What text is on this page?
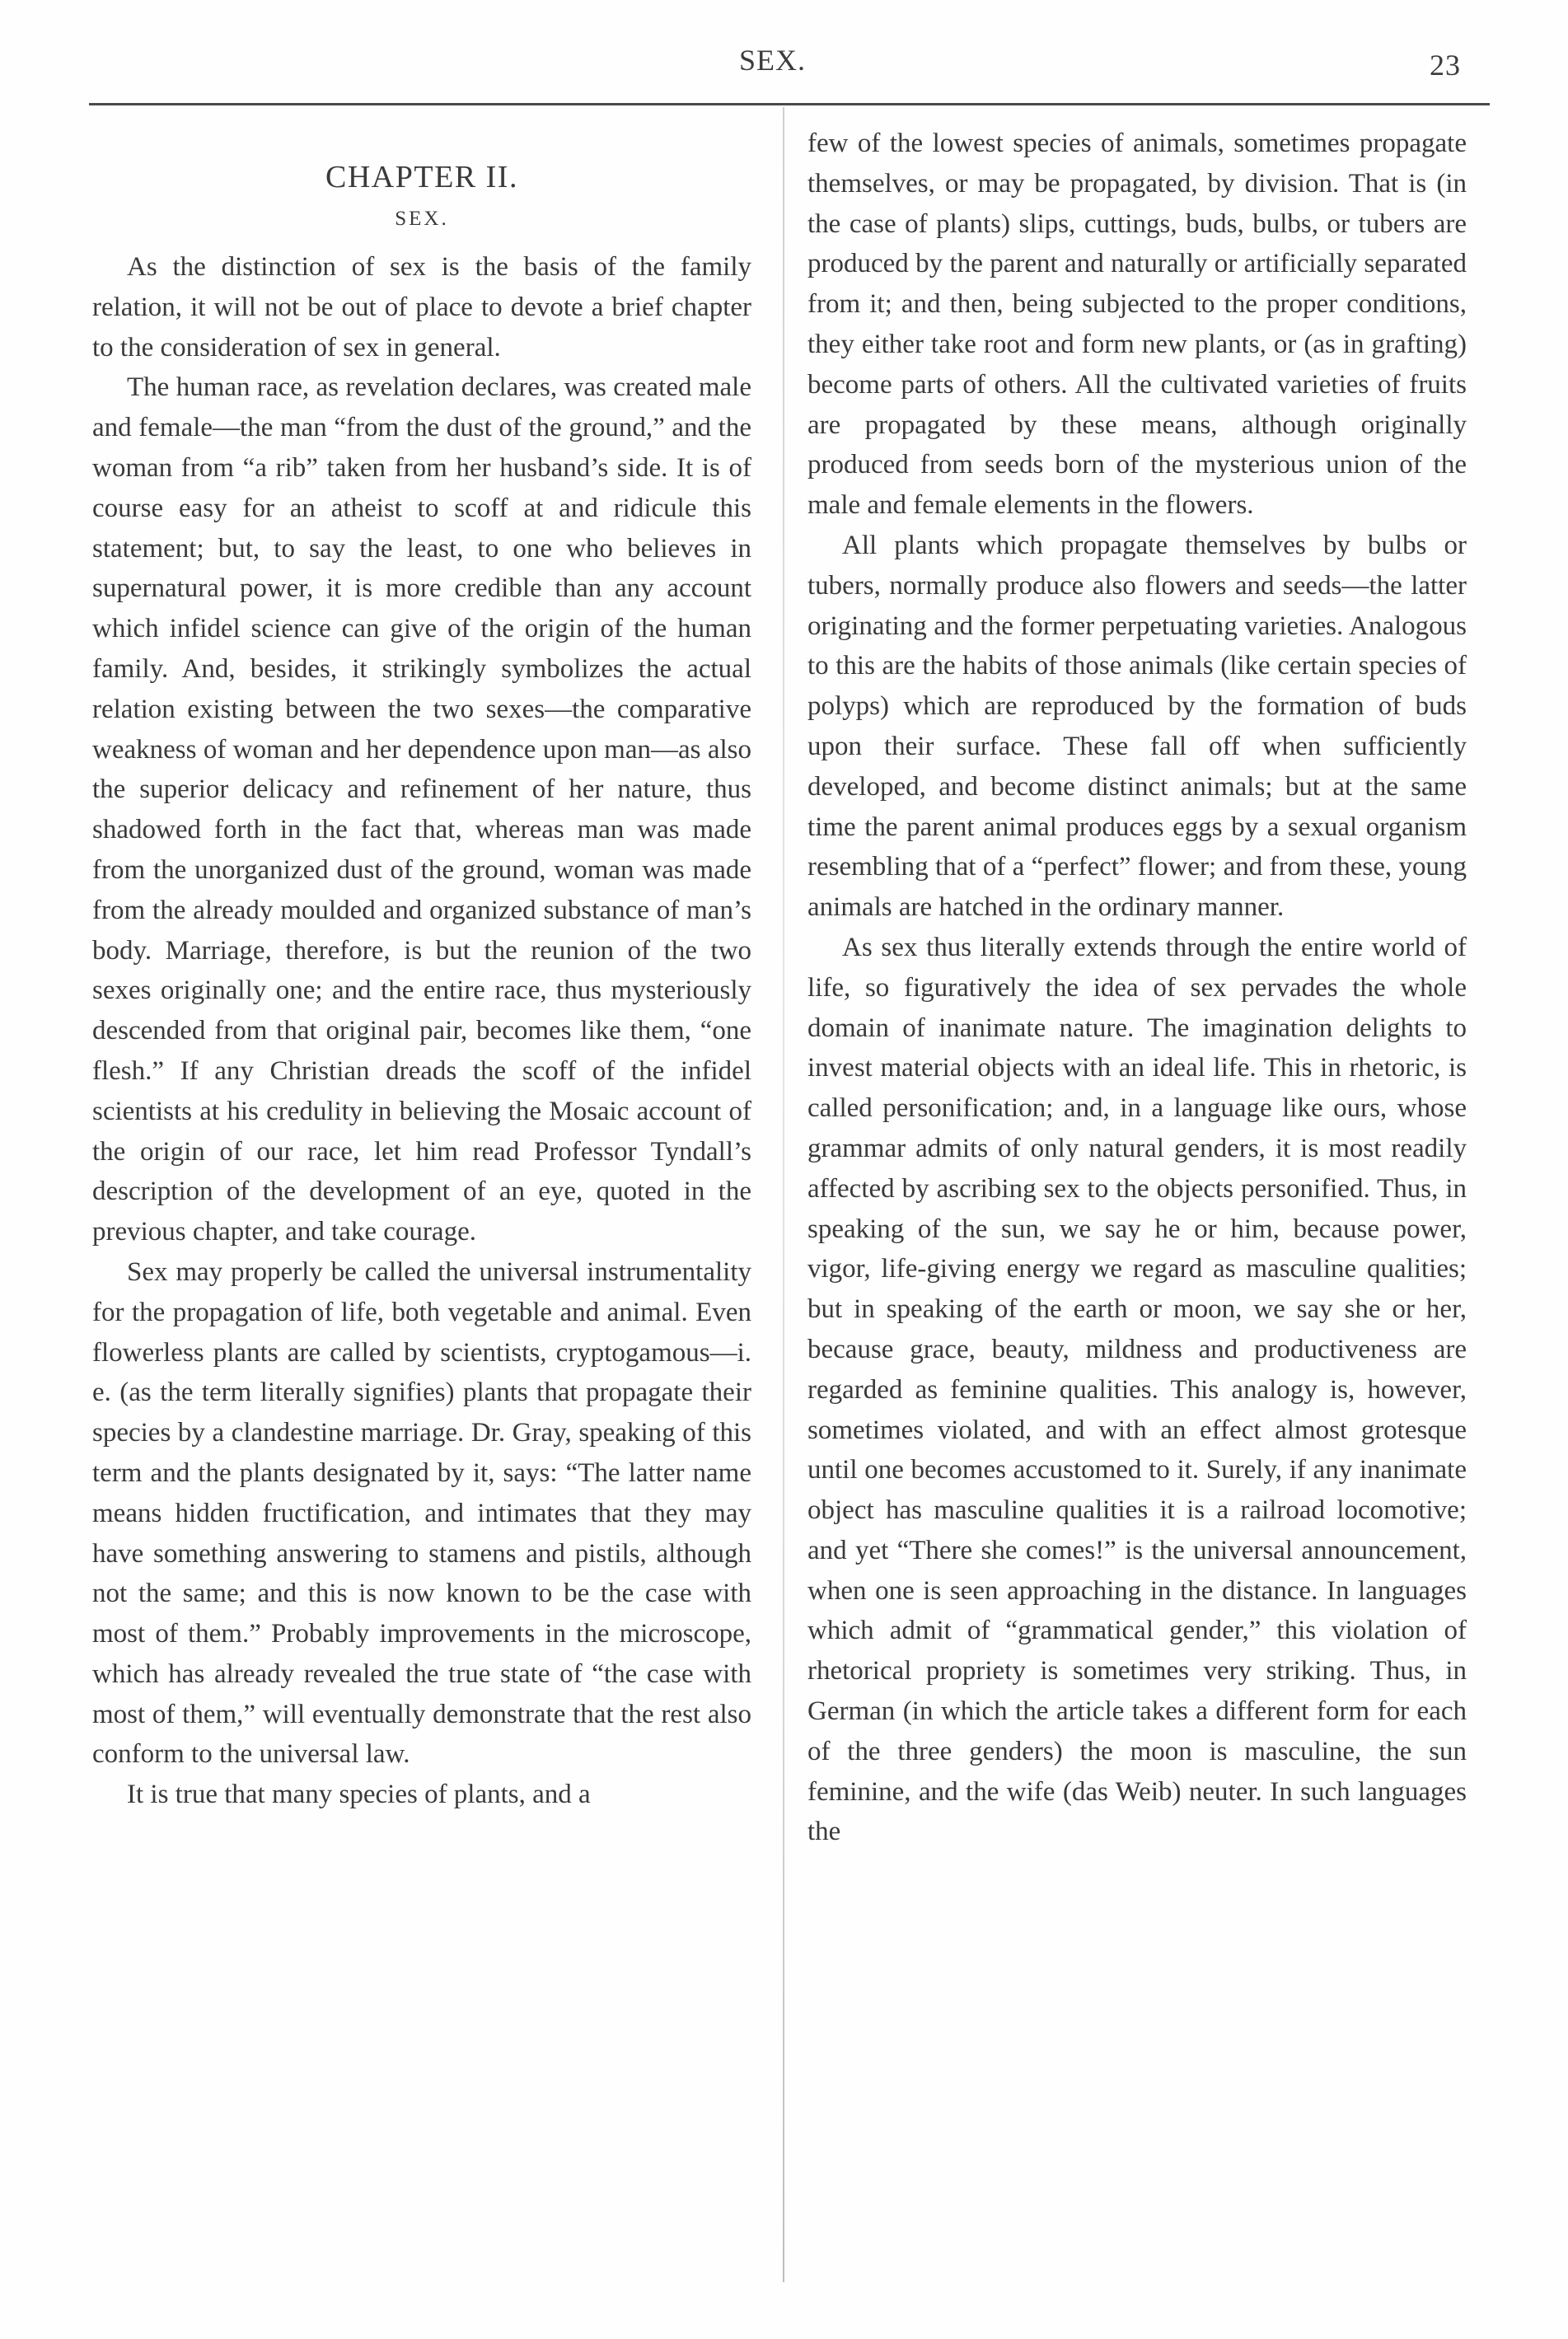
SEX.	23
CHAPTER II.
SEX.

As the distinction of sex is the basis of the family relation, it will not be out of place to devote a brief chapter to the consideration of sex in general.

The human race, as revelation declares, was created male and female—the man “from the dust of the ground,” and the woman from “a rib” taken from her husband’s side. It is of course easy for an atheist to scoff at and ridicule this statement; but, to say the least, to one who believes in supernatural power, it is more credible than any account which infidel science can give of the origin of the human family. And, besides, it strikingly symbolizes the actual relation existing between the two sexes—the comparative weakness of woman and her dependence upon man—as also the superior delicacy and refinement of her nature, thus shadowed forth in the fact that, whereas man was made from the unorganized dust of the ground, woman was made from the already moulded and organized substance of man’s body. Marriage, therefore, is but the reunion of the two sexes originally one; and the entire race, thus mysteriously descended from that original pair, becomes like them, “one flesh.” If any Christian dreads the scoff of the infidel scientists at his credulity in believing the Mosaic account of the origin of our race, let him read Professor Tyndall’s description of the development of an eye, quoted in the previous chapter, and take courage.

Sex may properly be called the universal instrumentality for the propagation of life, both vegetable and animal. Even flowerless plants are called by scientists, cryptogamous—i. e. (as the term literally signifies) plants that propagate their species by a clandestine marriage. Dr. Gray, speaking of this term and the plants designated by it, says: “The latter name means hidden fructification, and intimates that they may have something answering to stamens and pistils, although not the same; and this is now known to be the case with most of them.” Probably improvements in the microscope, which has already revealed the true state of “the case with most of them,” will eventually demonstrate that the rest also conform to the universal law.

It is true that many species of plants, and a

few of the lowest species of animals, sometimes propagate themselves, or may be propagated, by division. That is (in the case of plants) slips, cuttings, buds, bulbs, or tubers are produced by the parent and naturally or artificially separated from it; and then, being subjected to the proper conditions, they either take root and form new plants, or (as in grafting) become parts of others. All the cultivated varieties of fruits are propagated by these means, although originally produced from seeds born of the mysterious union of the male and female elements in the flowers.

All plants which propagate themselves by bulbs or tubers, normally produce also flowers and seeds—the latter originating and the former perpetuating varieties. Analogous to this are the habits of those animals (like certain species of polyps) which are reproduced by the formation of buds upon their surface. These fall off when sufficiently developed, and become distinct animals; but at the same time the parent animal produces eggs by a sexual organism resembling that of a “perfect” flower; and from these, young animals are hatched in the ordinary manner.

As sex thus literally extends through the entire world of life, so figuratively the idea of sex pervades the whole domain of inanimate nature. The imagination delights to invest material objects with an ideal life. This in rhetoric, is called personification; and, in a language like ours, whose grammar admits of only natural genders, it is most readily affected by ascribing sex to the objects personified. Thus, in speaking of the sun, we say he or him, because power, vigor, life-giving energy we regard as masculine qualities; but in speaking of the earth or moon, we say she or her, because grace, beauty, mildness and productiveness are regarded as feminine qualities. This analogy is, however, sometimes violated, and with an effect almost grotesque until one becomes accustomed to it. Surely, if any inanimate object has masculine qualities it is a railroad locomotive; and yet “There she comes!” is the universal announcement, when one is seen approaching in the distance. In languages which admit of “grammatical gender,” this violation of rhetorical propriety is sometimes very striking. Thus, in German (in which the article takes a different form for each of the three genders) the moon is masculine, the sun feminine, and the wife (das Weib) neuter. In such languages the
